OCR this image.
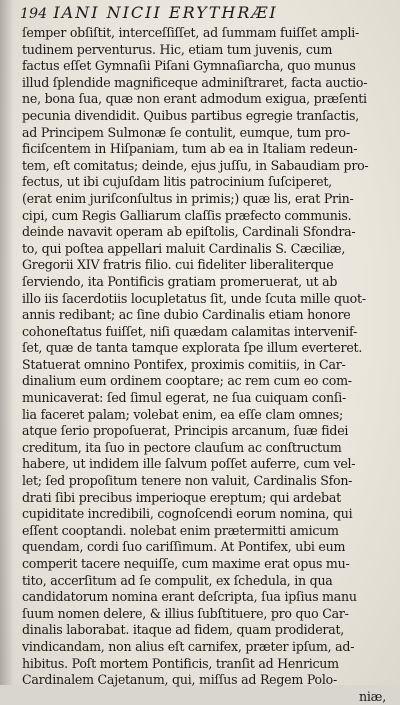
194 IANI NICII ERYTHRÆI
ſemper obſiſtit, interceſſiſſet, ad ſummam fuiſſet ampli-
tudinem perventurus. Hic, etiam tum juvenis, cum
factus eſſet Gymnaſii Piſani Gymnaſiarcha, quo munus
illud ſplendide magnificeque adminiſtraret, facta auctio-
ne, bona ſua, quæ non erant admodum exigua, præſenti
pecunia divendidit. Quibus partibus egregie tranſactis,
ad Principem Sulmonæ ſe contulit, eumque, tum pro-
ficiſcentem in Hiſpaniam, tum ab ea in Italiam redeun-
tem, eſt comitatus; deinde, ejus juſſu, in Sabaudiam pro-
fectus, ut ibi cujuſdam litis patrocinium ſuſciperet,
(erat enim juriſconſultus in primis;) quæ lis, erat Prin-
cipi, cum Regis Galliarum claſſis præfecto communis.
deinde navavit operam ab epiſtolis, Cardinali Sfondra-
to, qui poſtea appellari maluit Cardinalis S. Cæciliæ,
Gregorii XIV fratris filio. cui fideliter liberaliterque
ſerviendo, ita Pontificis gratiam promeruerat, ut ab
illo iis ſacerdotiis locupletatus ſit, unde ſcuta mille quot-
annis redibant; ac ſine dubio Cardinalis etiam honore
cohoneſtatus fuiſſet, niſi quædam calamitas intervenif-
ſet, quæ de tanta tamque explorata ſpe illum everteret.
Statuerat omnino Pontifex, proximis comitiis, in Car-
dinalium eum ordinem cooptare; ac rem cum eo com-
municaverat: ſed ſimul egerat, ne ſua cuiquam conſi-
lia faceret palam; volebat enim, ea eſſe clam omnes;
atque ſerio propoſuerat, Principis arcanum, ſuæ fidei
creditum, ita ſuo in pectore clauſum ac conſtructum
habere, ut indidem ille ſalvum poſſet auferre, cum vel-
let; ſed propoſitum tenere non valuit, Cardinalis Sfon-
drati ſibi precibus imperioque ereptum; qui ardebat
cupiditate incredibili, cognoſcendi eorum nomina, qui
eſſent cooptandi. nolebat enim prætermitti amicum
quendam, cordi ſuo cariſſimum. At Pontifex, ubi eum
comperit tacere nequiſſe, cum maxime erat opus mu-
tito, accerſitum ad ſe compulit, ex ſchedula, in qua
candidatorum nomina erant deſcripta, ſua ipſius manu
ſuum nomen delere, & illius ſubſtituere, pro quo Car-
dinalis laborabat. itaque ad fidem, quam prodiderat,
vindicandam, non alius eſt carnifex, præter ipſum, ad-
hibitus. Poſt mortem Pontificis, tranſit ad Henricum
Cardinalem Cajetanum, qui, miſſus ad Regem Polo-
niæ,
